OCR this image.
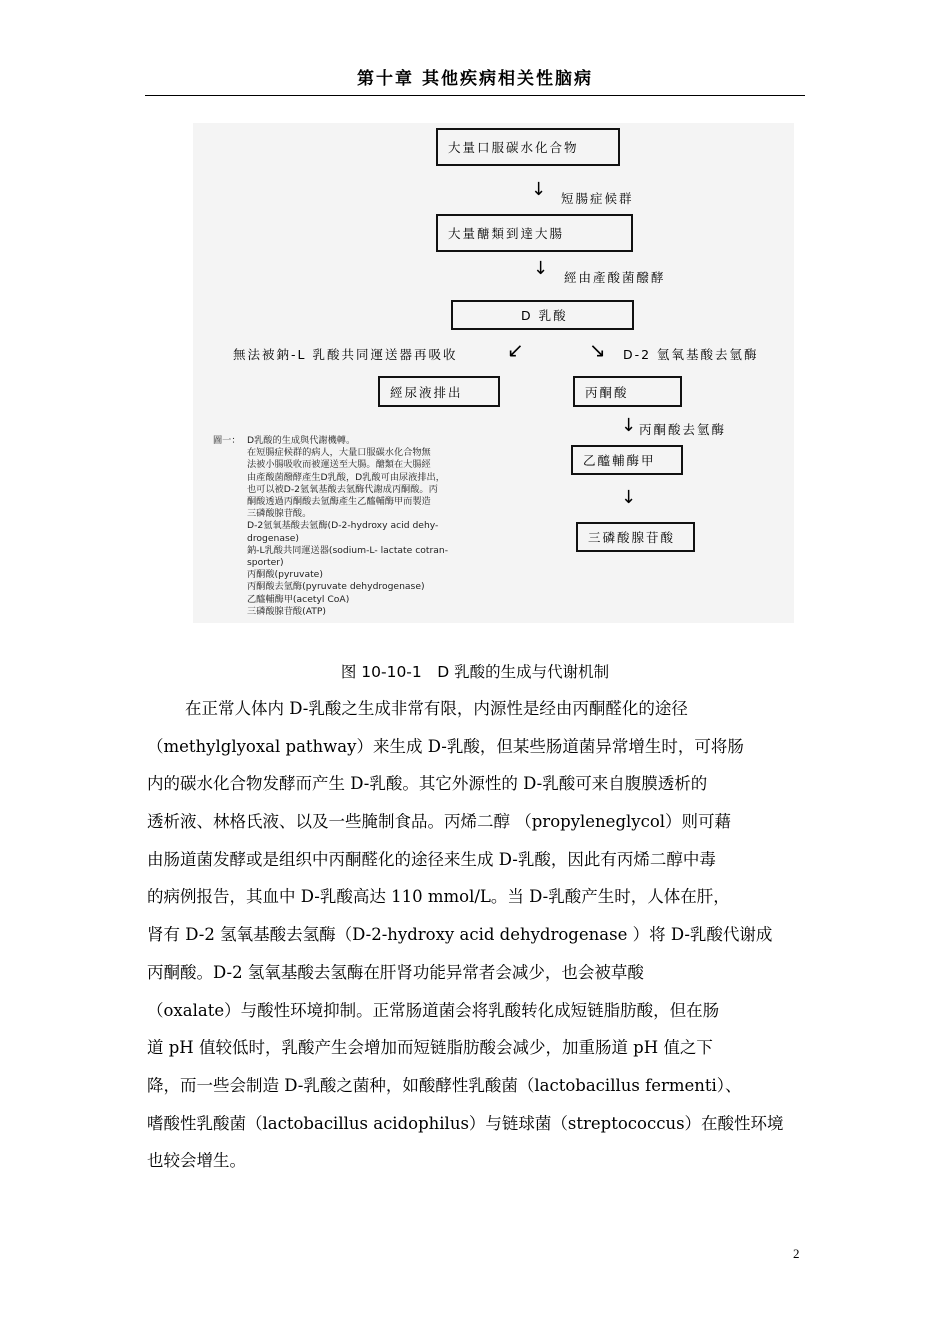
第十章 其他疾病相关性脑病
大量口服碳水化合物
↓ 短腸症候群
大量醣類到達大腸
↓ 經由產酸菌醱酵
D 乳酸
無法被鈉-L 乳酸共同運送器再吸收 ↙	↘ D-2 氫氧基酸去氫酶
經尿液排出	丙酮酸
↓ 丙酮酸去氫酶
乙醯輔酶甲
↓
三磷酸腺苷酸
圖一： D乳酸的生成與代謝機轉。
在短腸症候群的病人，大量口服碳水化合物無
法被小腸吸收而被運送至大腸。醣類在大腸經
由產酸菌醱酵產生D乳酸，D乳酸可由尿液排出，
也可以被D-2氫氧基酸去氫酶代謝成丙酮酸。丙
酮酸透過丙酮酸去氫酶產生乙醯輔酶甲而製造
三磷酸腺苷酸。
D-2氫氧基酸去氫酶(D-2-hydroxy acid dehy-
drogenase)
鈉-L乳酸共同運送器(sodium-L- lactate cotran-
sporter)
丙酮酸(pyruvate)
丙酮酸去氫酶(pyruvate dehydrogenase)
乙醯輔酶甲(acetyl CoA)
三磷酸腺苷酸(ATP)
图 10-10-1　D 乳酸的生成与代谢机制
在正常人体内 D-乳酸之生成非常有限，内源性是经由丙酮醛化的途径
（methylglyoxal pathway）来生成 D-乳酸，但某些肠道菌异常增生时，可将肠
内的碳水化合物发酵而产生 D-乳酸。其它外源性的 D-乳酸可来自腹膜透析的
透析液、林格氏液、以及一些腌制食品。丙烯二醇 （propyleneglycol）则可藉
由肠道菌发酵或是组织中丙酮醛化的途径来生成 D-乳酸，因此有丙烯二醇中毒
的病例报告，其血中 D-乳酸高达 110 mmol/L。当 D-乳酸产生时，人体在肝，
肾有 D-2 氢氧基酸去氢酶（D-2-hydroxy acid dehydrogenase ）将 D-乳酸代谢成
丙酮酸。D-2 氢氧基酸去氢酶在肝肾功能异常者会减少，也会被草酸
（oxalate）与酸性环境抑制。正常肠道菌会将乳酸转化成短链脂肪酸，但在肠
道 pH 值较低时，乳酸产生会增加而短链脂肪酸会减少，加重肠道 pH 值之下
降，而一些会制造 D-乳酸之菌种，如酸酵性乳酸菌（lactobacillus fermenti）、
嗜酸性乳酸菌（lactobacillus acidophilus）与链球菌（streptococcus）在酸性环境
也较会增生。
2
